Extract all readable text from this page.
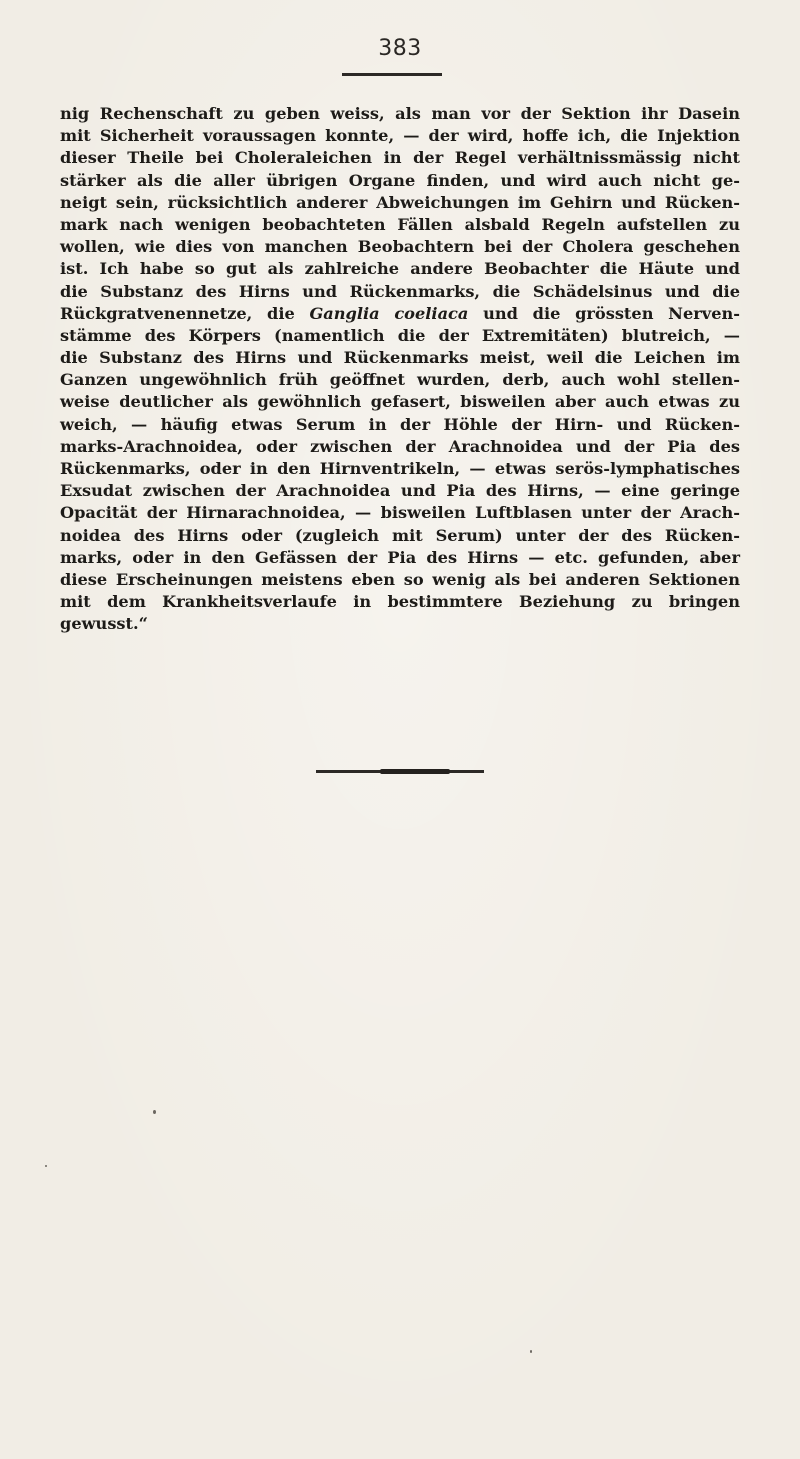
383
nig Rechenschaft zu geben weiss, als man vor der Sektion ihr Dasein
mit Sicherheit voraussagen konnte, — der wird, hoffe ich, die Injektion
dieser Theile bei Choleraleichen in der Regel verhältnissmässig nicht
stärker als die aller übrigen Organe finden, und wird auch nicht ge-
neigt sein, rücksichtlich anderer Abweichungen im Gehirn und Rücken-
mark nach wenigen beobachteten Fällen alsbald Regeln aufstellen zu
wollen, wie dies von manchen Beobachtern bei der Cholera geschehen
ist. Ich habe so gut als zahlreiche andere Beobachter die Häute und
die Substanz des Hirns und Rückenmarks, die Schädelsinus und die
Rückgratvenennetze, die Ganglia coeliaca und die grössten Nerven-
stämme des Körpers (namentlich die der Extremitäten) blutreich, —
die Substanz des Hirns und Rückenmarks meist, weil die Leichen im
Ganzen ungewöhnlich früh geöffnet wurden, derb, auch wohl stellen-
weise deutlicher als gewöhnlich gefasert, bisweilen aber auch etwas zu
weich, — häufig etwas Serum in der Höhle der Hirn- und Rücken-
marks-Arachnoidea, oder zwischen der Arachnoidea und der Pia des
Rückenmarks, oder in den Hirnventrikeln, — etwas serös-lymphatisches
Exsudat zwischen der Arachnoidea und Pia des Hirns, — eine geringe
Opacität der Hirnarachnoidea, — bisweilen Luftblasen unter der Arach-
noidea des Hirns oder (zugleich mit Serum) unter der des Rücken-
marks, oder in den Gefässen der Pia des Hirns — etc. gefunden, aber
diese Erscheinungen meistens eben so wenig als bei anderen Sektionen
mit dem Krankheitsverlaufe in bestimmtere Beziehung zu bringen
gewusst.“
